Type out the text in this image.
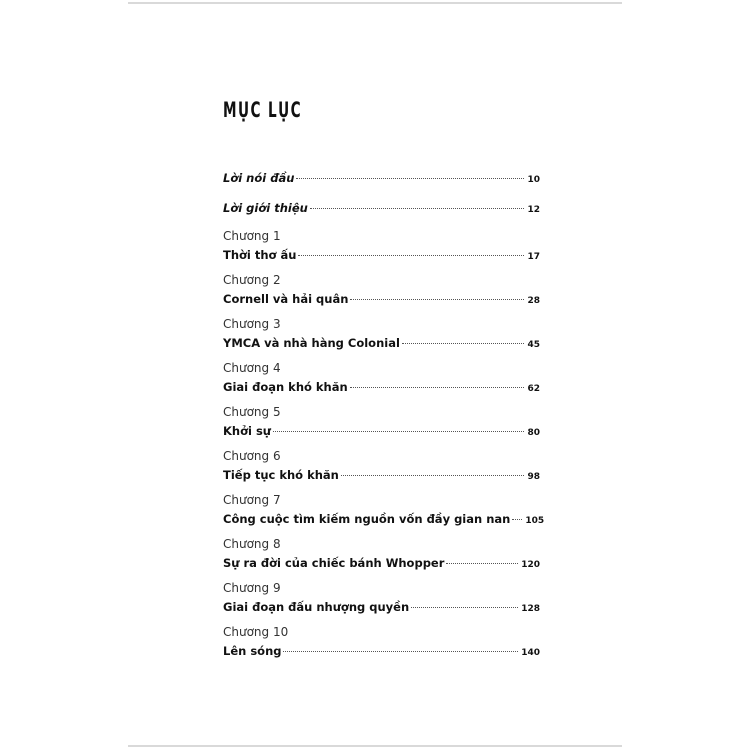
MỤC LỤC
Lời nói đầu	10
Lời giới thiệu	12
Chương 1
Thời thơ ấu	17
Chương 2
Cornell và hải quân	28
Chương 3
YMCA và nhà hàng Colonial	45
Chương 4
Giai đoạn khó khăn	62
Chương 5
Khởi sự	80
Chương 6
Tiếp tục khó khăn	98
Chương 7
Công cuộc tìm kiếm nguồn vốn đầy gian nan 105
Chương 8
Sự ra đời của chiếc bánh Whopper	120
Chương 9
Giai đoạn đấu nhượng quyền	128
Chương 10
Lên sóng	140
